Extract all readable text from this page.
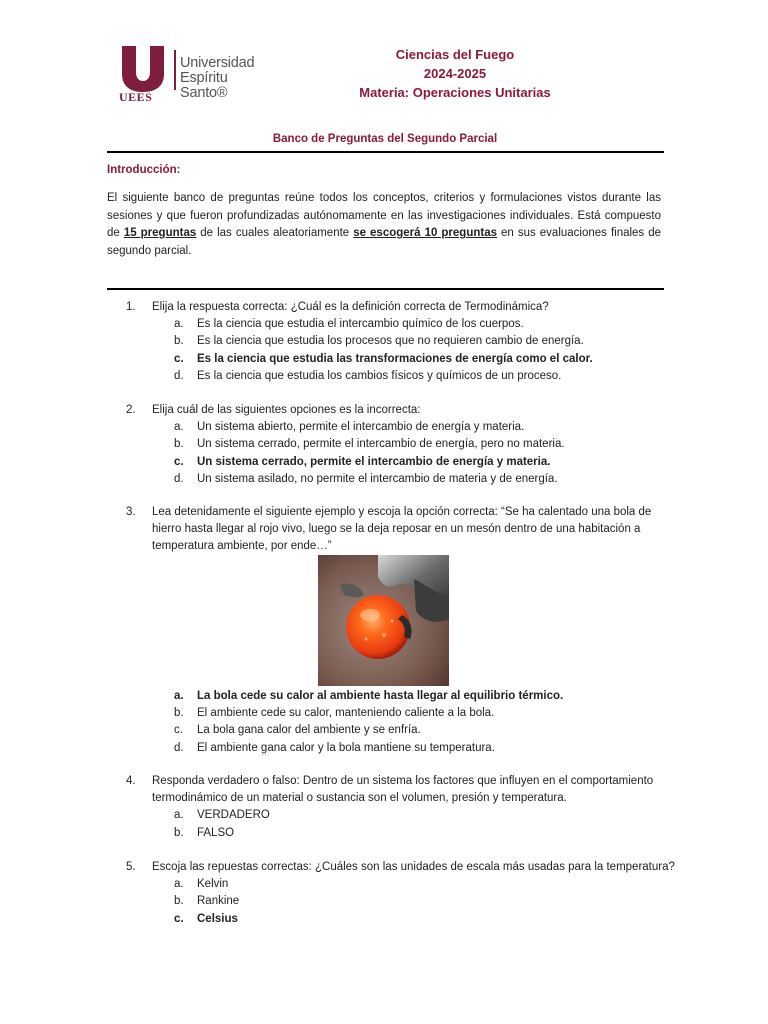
UEES
Universidad
Espíritu Santo®
Ciencias del Fuego
2024-2025
Materia: Operaciones Unitarias
Banco de Preguntas del Segundo Parcial
Introducción:
El siguiente banco de preguntas reúne todos los conceptos, criterios y formulaciones vistos durante las sesiones y que fueron profundizadas autónomamente en las investigaciones individuales. Está compuesto de 15 preguntas de las cuales aleatoriamente se escogerá 10 preguntas en sus evaluaciones finales de segundo parcial.
1. Elija la respuesta correcta: ¿Cuál es la definición correcta de Termodinámica?
a. Es la ciencia que estudia el intercambio químico de los cuerpos.
b. Es la ciencia que estudia los procesos que no requieren cambio de energía.
c. Es la ciencia que estudia las transformaciones de energía como el calor.
d. Es la ciencia que estudia los cambios físicos y químicos de un proceso.
2. Elija cuál de las siguientes opciones es la incorrecta:
a. Un sistema abierto, permite el intercambio de energía y materia.
b. Un sistema cerrado, permite el intercambio de energía, pero no materia.
c. Un sistema cerrado, permite el intercambio de energía y materia.
d. Un sistema asilado, no permite el intercambio de materia y de energía.
3. Lea detenidamente el siguiente ejemplo y escoja la opción correcta: “Se ha calentado una bola de hierro hasta llegar al rojo vivo, luego se la deja reposar en un mesón dentro de una habitación a temperatura ambiente, por ende…”
a. La bola cede su calor al ambiente hasta llegar al equilibrio térmico.
b. El ambiente cede su calor, manteniendo caliente a la bola.
c. La bola gana calor del ambiente y se enfría.
d. El ambiente gana calor y la bola mantiene su temperatura.
4. Responda verdadero o falso: Dentro de un sistema los factores que influyen en el comportamiento termodinámico de un material o sustancia son el volumen, presión y temperatura.
a. VERDADERO
b. FALSO
5. Escoja las repuestas correctas: ¿Cuáles son las unidades de escala más usadas para la temperatura?
a. Kelvin
b. Rankine
c. Celsius
